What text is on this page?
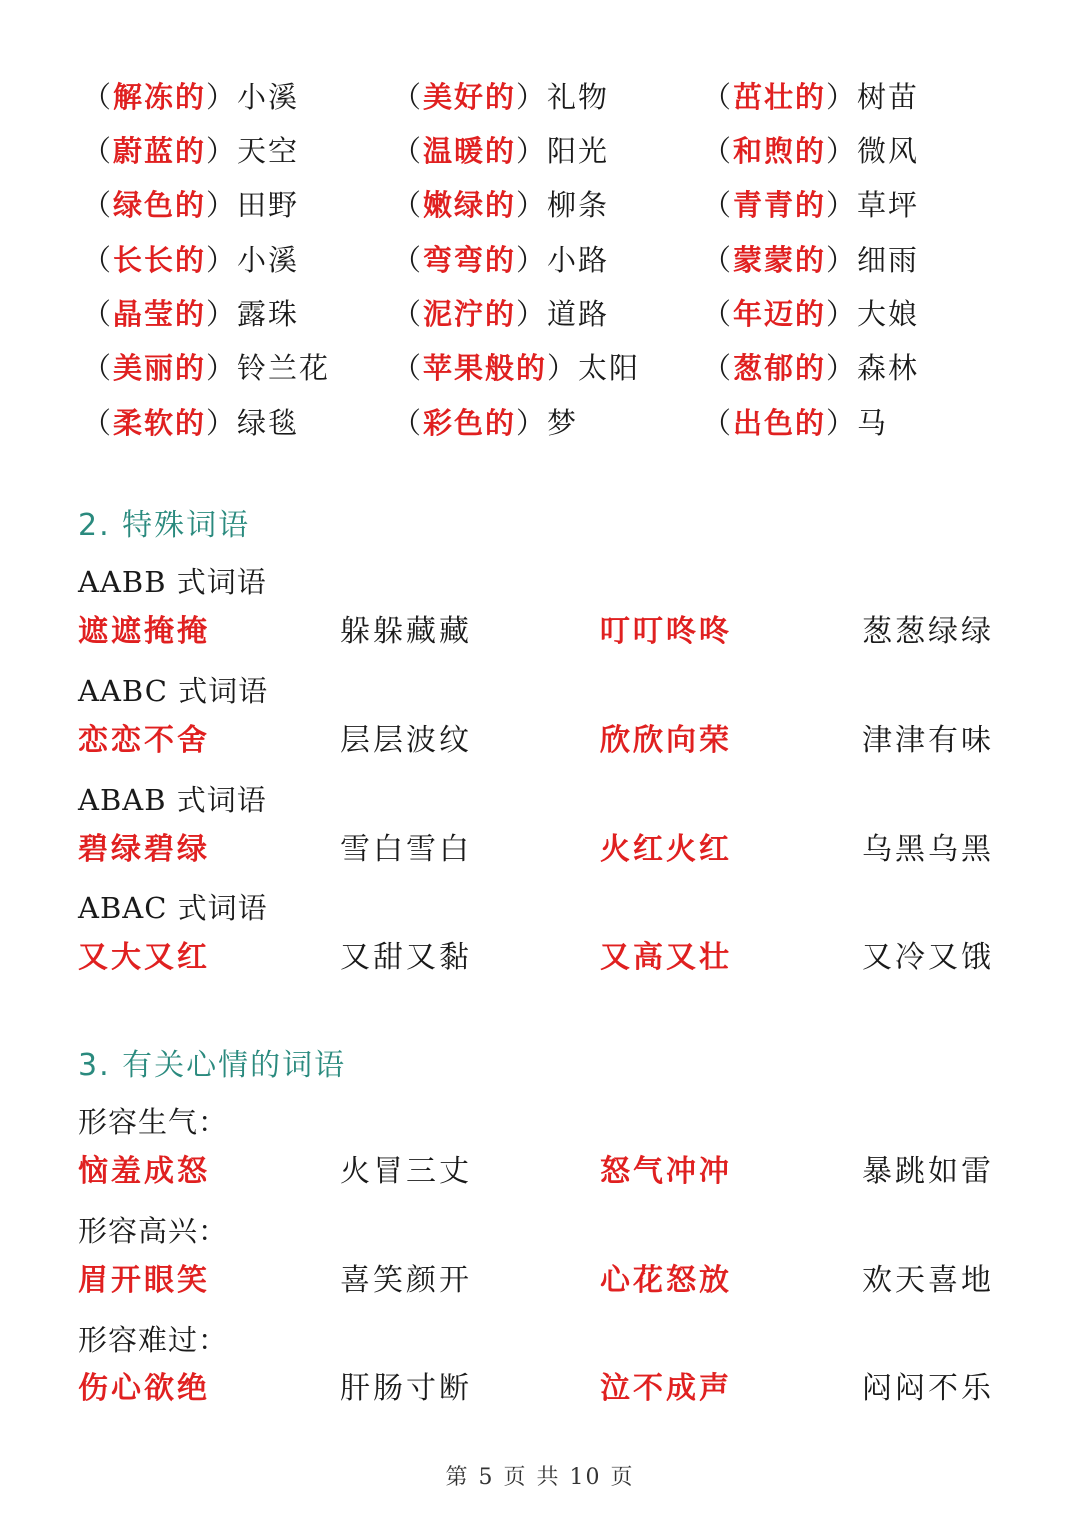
（解冻的）小溪	（美好的）礼物	（茁壮的）树苗
（蔚蓝的）天空	（温暖的）阳光	（和煦的）微风
（绿色的）田野	（嫩绿的）柳条	（青青的）草坪
（长长的）小溪	（弯弯的）小路	（蒙蒙的）细雨
（晶莹的）露珠	（泥泞的）道路	（年迈的）大娘
（美丽的）铃兰花 （苹果般的）太阳 （葱郁的）森林
（柔软的）绿毯	（彩色的）梦	（出色的）马
2. 特殊词语
AABB 式词语
遮遮掩掩	躲躲藏藏	叮叮咚咚	葱葱绿绿
AABC 式词语
恋恋不舍	层层波纹	欣欣向荣	津津有味
ABAB 式词语
碧绿碧绿	雪白雪白	火红火红	乌黑乌黑
ABAC 式词语
又大又红	又甜又黏	又高又壮	又冷又饿
3. 有关心情的词语
形容生气：
恼羞成怒	火冒三丈	怒气冲冲	暴跳如雷
形容高兴：
眉开眼笑	喜笑颜开	心花怒放	欢天喜地
形容难过：
伤心欲绝	肝肠寸断	泣不成声	闷闷不乐
第 5 页 共 10 页
